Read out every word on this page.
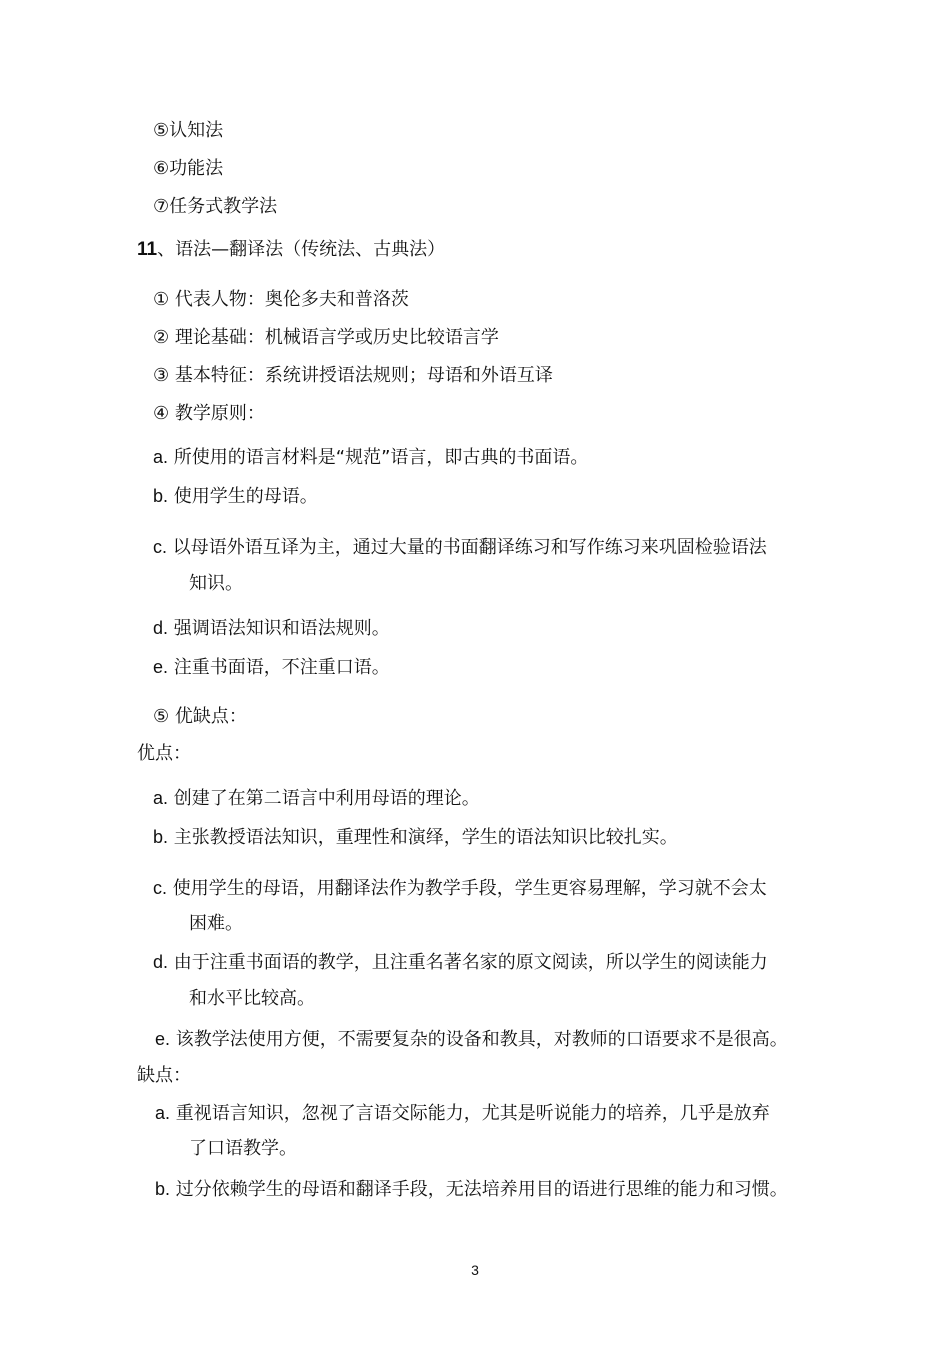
⑤认知法
⑥功能法
⑦任务式教学法
11、语法—翻译法（传统法、古典法）
① 代表人物：奥伦多夫和普洛茨
② 理论基础：机械语言学或历史比较语言学
③ 基本特征：系统讲授语法规则；母语和外语互译
④ 教学原则：
a. 所使用的语言材料是“规范”语言，即古典的书面语。
b. 使用学生的母语。
c. 以母语外语互译为主，通过大量的书面翻译练习和写作练习来巩固检验语法
知识。
d. 强调语法知识和语法规则。
e. 注重书面语，不注重口语。
⑤ 优缺点：
优点：
a. 创建了在第二语言中利用母语的理论。
b. 主张教授语法知识，重理性和演绎，学生的语法知识比较扎实。
c. 使用学生的母语，用翻译法作为教学手段，学生更容易理解，学习就不会太
困难。
d. 由于注重书面语的教学，且注重名著名家的原文阅读，所以学生的阅读能力
和水平比较高。
e. 该教学法使用方便，不需要复杂的设备和教具，对教师的口语要求不是很高。
缺点：
a. 重视语言知识，忽视了言语交际能力，尤其是听说能力的培养，几乎是放弃
了口语教学。
b. 过分依赖学生的母语和翻译手段，无法培养用目的语进行思维的能力和习惯。
3
